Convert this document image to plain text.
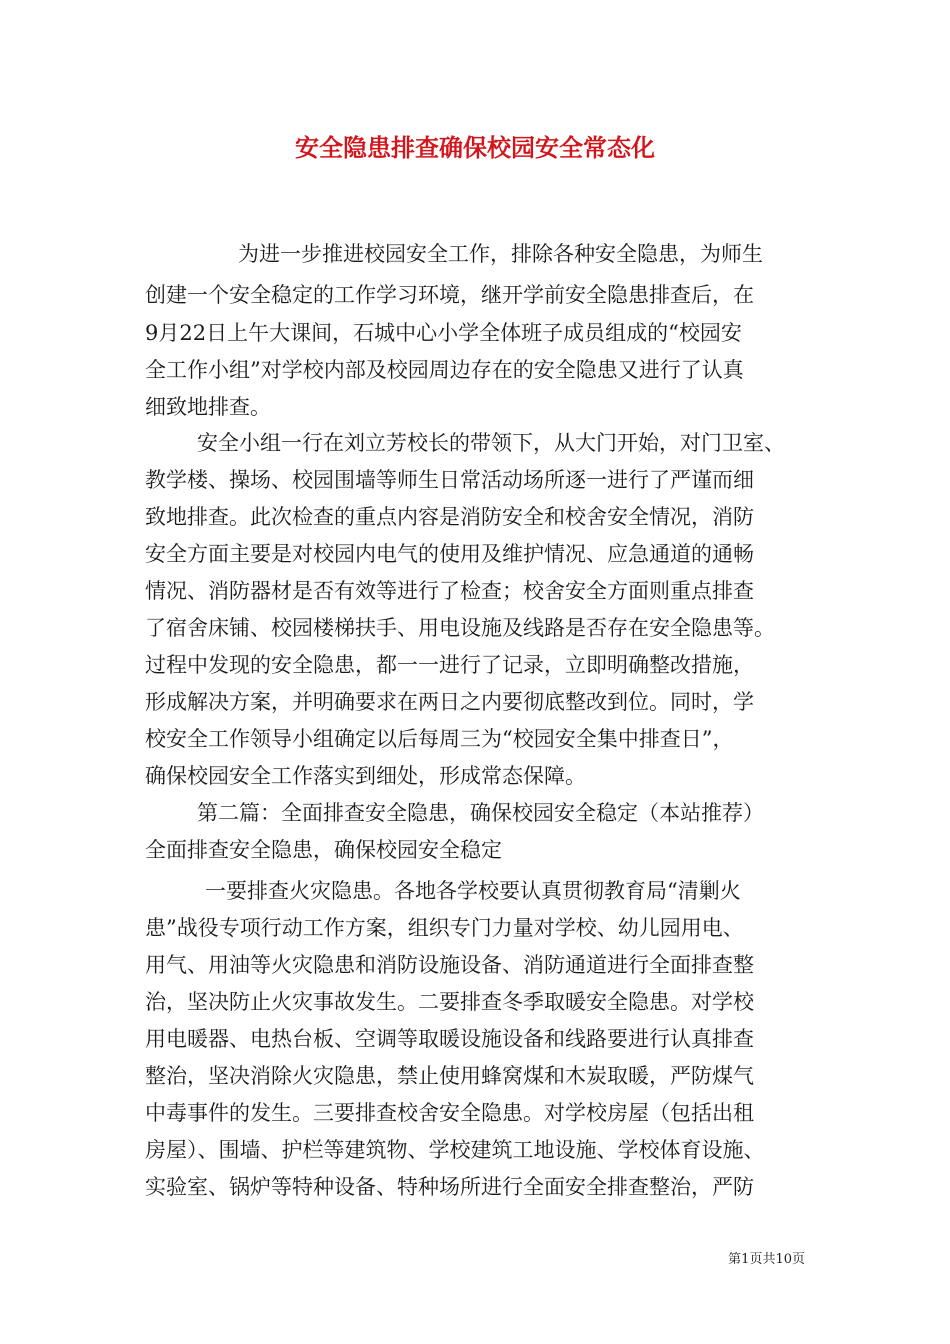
安全隐患排查确保校园安全常态化

为进一步推进校园安全工作，排除各种安全隐患，为师生

创建一个安全稳定的工作学习环境，继开学前安全隐患排查后，在

9月22日上午大课间，石城中心小学全体班子成员组成的“校园安

全工作小组”对学校内部及校园周边存在的安全隐患又进行了认真

细致地排查。

安全小组一行在刘立芳校长的带领下，从大门开始，对门卫室、

教学楼、操场、校园围墙等师生日常活动场所逐一进行了严谨而细

致地排查。此次检查的重点内容是消防安全和校舍安全情况，消防

安全方面主要是对校园内电气的使用及维护情况、应急通道的通畅

情况、消防器材是否有效等进行了检查；校舍安全方面则重点排查

了宿舍床铺、校园楼梯扶手、用电设施及线路是否存在安全隐患等。

过程中发现的安全隐患，都一一进行了记录，立即明确整改措施，

形成解决方案，并明确要求在两日之内要彻底整改到位。同时，学

校安全工作领导小组确定以后每周三为“校园安全集中排查日”，

确保校园安全工作落实到细处，形成常态保障。

第二篇：全面排查安全隐患，确保校园安全稳定（本站推荐）

全面排查安全隐患，确保校园安全稳定

一要排查火灾隐患。各地各学校要认真贯彻教育局“清剿火

患”战役专项行动工作方案，组织专门力量对学校、幼儿园用电、

用气、用油等火灾隐患和消防设施设备、消防通道进行全面排查整

治，坚决防止火灾事故发生。二要排查冬季取暖安全隐患。对学校

用电暖器、电热台板、空调等取暖设施设备和线路要进行认真排查

整治，坚决消除火灾隐患，禁止使用蜂窝煤和木炭取暖，严防煤气

中毒事件的发生。三要排查校舍安全隐患。对学校房屋（包括出租

房屋）、围墙、护栏等建筑物、学校建筑工地设施、学校体育设施、

实验室、锅炉等特种设备、特种场所进行全面安全排查整治，严防

第1页共10页
